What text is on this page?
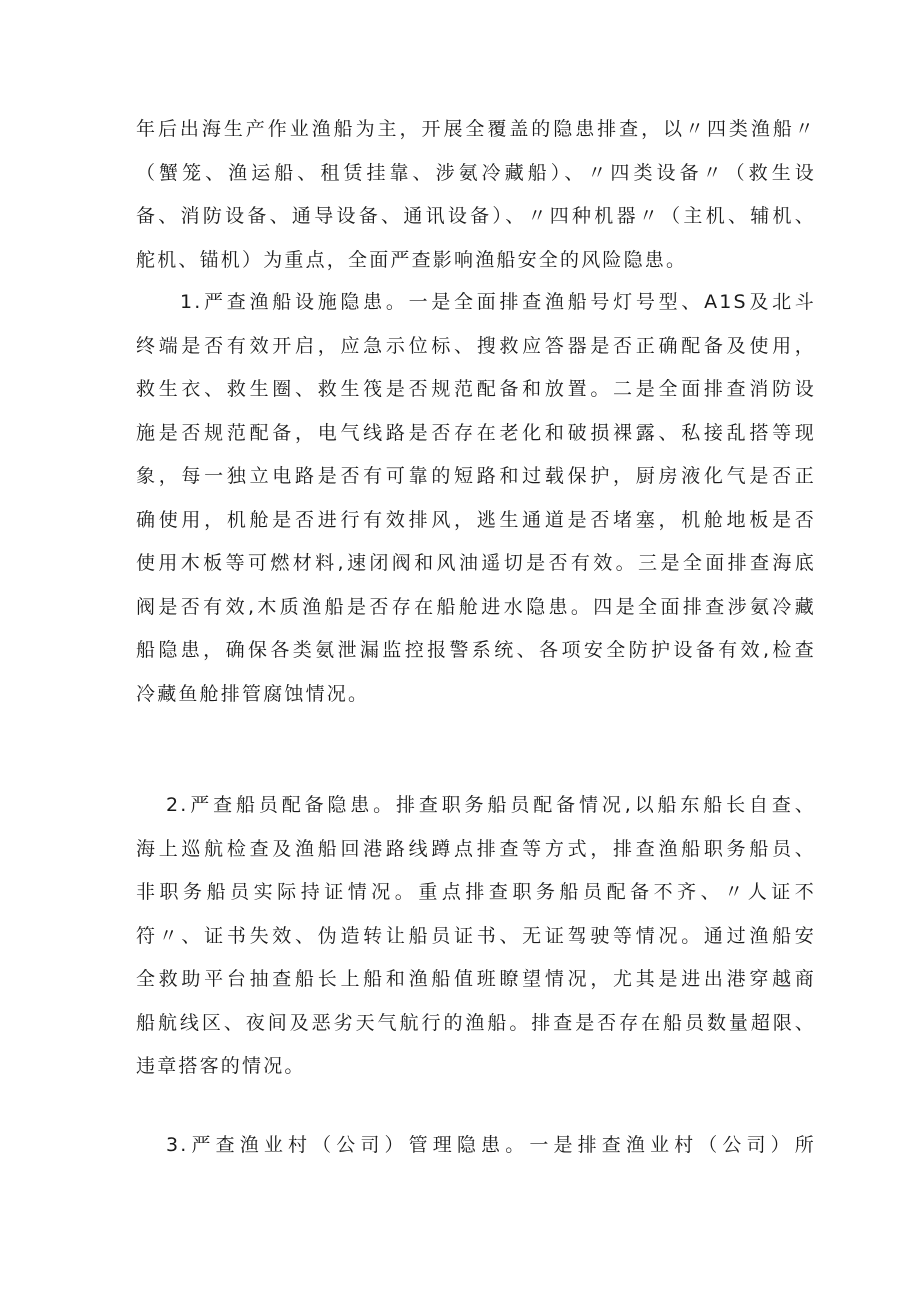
年后出海生产作业渔船为主，开展全覆盖的隐患排查，以〃四类渔船〃
（蟹笼、渔运船、租赁挂靠、涉氨冷藏船）、〃四类设备〃（救生设
备、消防设备、通导设备、通讯设备）、〃四种机器〃（主机、辅机、
舵机、锚机）为重点，全面严查影响渔船安全的风险隐患。
1.严查渔船设施隐患。一是全面排查渔船号灯号型、A1S及北斗
终端是否有效开启，应急示位标、搜救应答器是否正确配备及使用，
救生衣、救生圈、救生筏是否规范配备和放置。二是全面排查消防设
施是否规范配备，电气线路是否存在老化和破损裸露、私接乱搭等现
象，每一独立电路是否有可靠的短路和过载保护，厨房液化气是否正
确使用，机舱是否进行有效排风，逃生通道是否堵塞，机舱地板是否
使用木板等可燃材料,速闭阀和风油遥切是否有效。三是全面排查海底
阀是否有效,木质渔船是否存在船舱进水隐患。四是全面排查涉氨冷藏
船隐患，确保各类氨泄漏监控报警系统、各项安全防护设备有效,检查
冷藏鱼舱排管腐蚀情况。
2.严查船员配备隐患。排查职务船员配备情况,以船东船长自查、
海上巡航检查及渔船回港路线蹲点排查等方式，排查渔船职务船员、
非职务船员实际持证情况。重点排查职务船员配备不齐、〃人证不
符〃、证书失效、伪造转让船员证书、无证驾驶等情况。通过渔船安
全救助平台抽查船长上船和渔船值班瞭望情况，尤其是进出港穿越商
船航线区、夜间及恶劣天气航行的渔船。排查是否存在船员数量超限、
违章搭客的情况。
3.严查渔业村（公司）管理隐患。一是排查渔业村（公司）所
